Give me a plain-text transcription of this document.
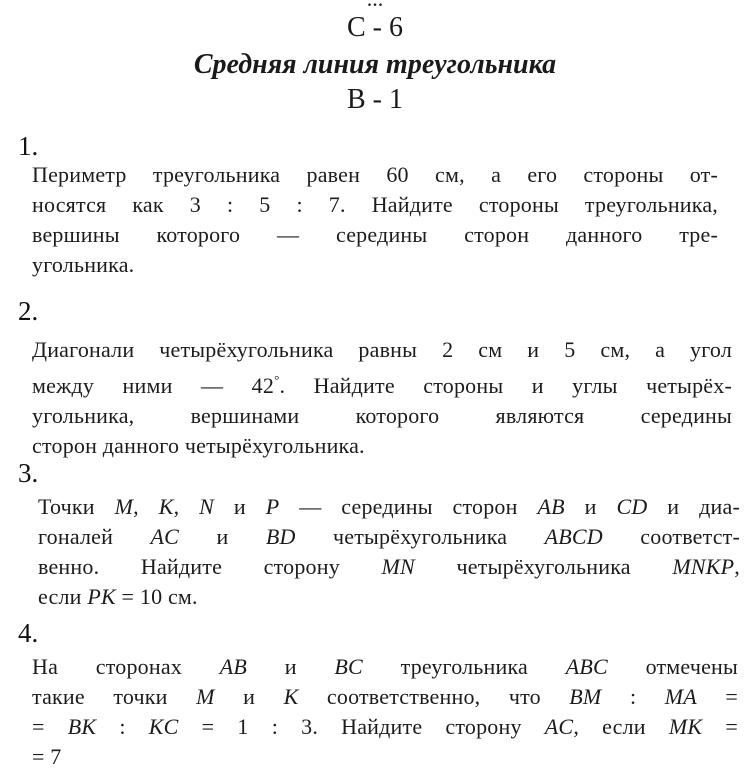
С - 6
Средняя линия треугольника
В - 1
1.
Периметр треугольника равен 60 см, а его стороны от-
носятся как 3 : 5 : 7. Найдите стороны треугольника,
вершины которого — середины сторон данного тре-
угольника.
2.
Диагонали четырёхугольника равны 2 см и 5 см, а угол
между ними — 42°. Найдите стороны и углы четырёх-
угольника, вершинами которого являются середины
сторон данного четырёхугольника.
3.
Точки M, K, N и P — середины сторон AB и CD и диа-
гоналей AC и BD четырёхугольника ABCD соответст-
венно. Найдите сторону MN четырёхугольника MNKP,
если PK = 10 см.
4.
На сторонах AB и BC треугольника ABC отмечены
такие точки M и K соответственно, что BM : MA =
= BK : KC = 1 : 3. Найдите сторону AC, если MK =
= 7
